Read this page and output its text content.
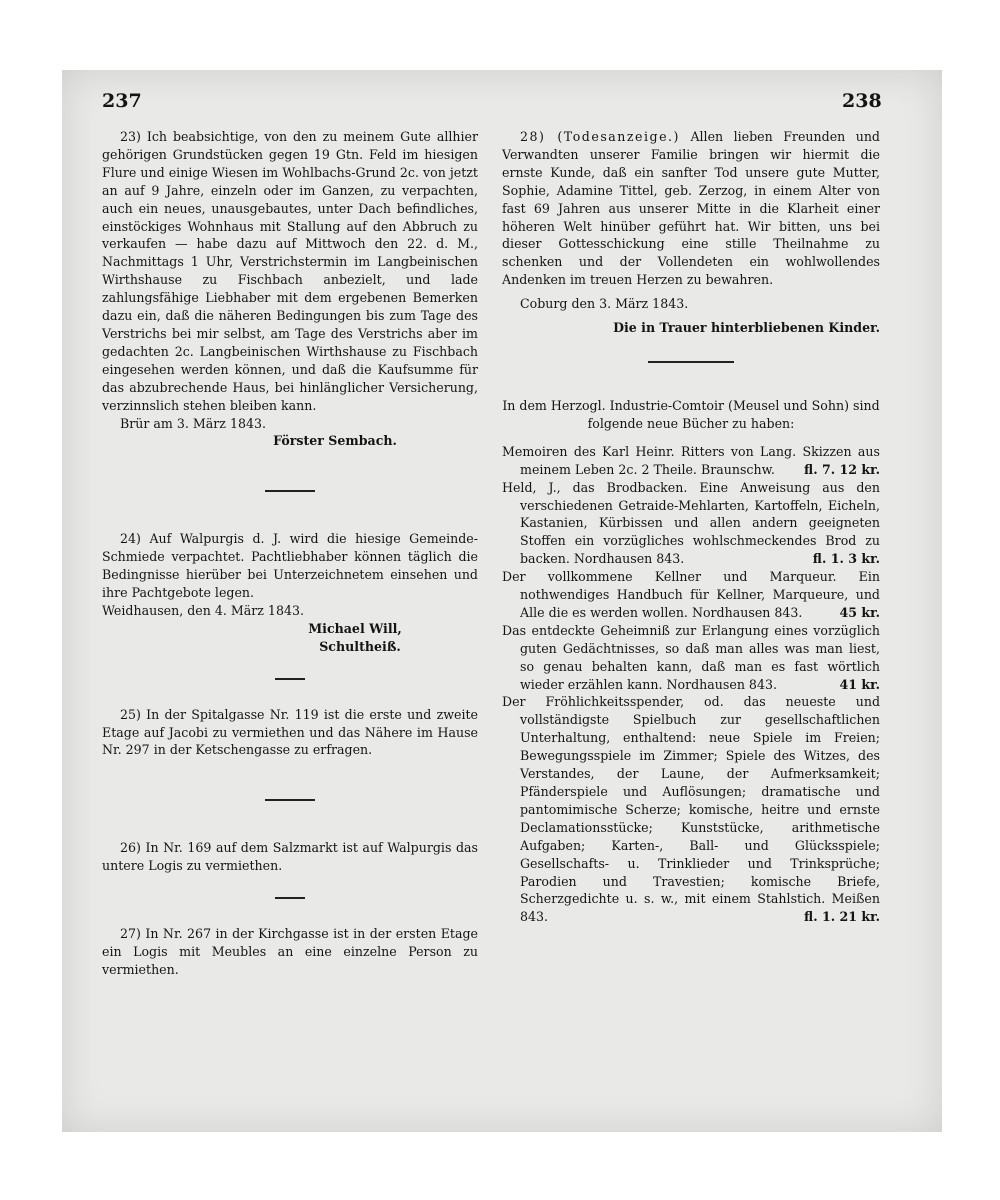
237	238

23) Ich beabsichtige, von den zu meinem Gute allhier gehörigen Grundstücken gegen 19 Gtn. Feld im hiesigen Flure und einige Wiesen im Wohlbachs-Grund 2c. von jetzt an auf 9 Jahre, einzeln oder im Ganzen, zu verpachten, auch ein neues, unausgebautes, unter Dach befindliches, einstöckiges Wohnhaus mit Stallung auf den Abbruch zu verkaufen — habe dazu auf Mittwoch den 22. d. M., Nachmittags 1 Uhr, Verstrichstermin im Langbeinischen Wirthshause zu Fischbach anbezielt, und lade zahlungsfähige Liebhaber mit dem ergebenen Bemerken dazu ein, daß die näheren Bedingungen bis zum Tage des Verstrichs bei mir selbst, am Tage des Verstrichs aber im gedachten 2c. Langbeinischen Wirthshause zu Fischbach eingesehen werden können, und daß die Kaufsumme für das abzubrechende Haus, bei hinlänglicher Versicherung, verzinnslich stehen bleiben kann.

Brür am 3. März 1843.

Förster Sembach.

24) Auf Walpurgis d. J. wird die hiesige Gemeinde-Schmiede verpachtet. Pachtliebhaber können täglich die Bedingnisse hierüber bei Unterzeichnetem einsehen und ihre Pachtgebote legen.

Weidhausen, den 4. März 1843.

Michael Will,

Schultheiß.

25) In der Spitalgasse Nr. 119 ist die erste und zweite Etage auf Jacobi zu vermiethen und das Nähere im Hause Nr. 297 in der Ketschengasse zu erfragen.

26) In Nr. 169 auf dem Salzmarkt ist auf Walpurgis das untere Logis zu vermiethen.

27) In Nr. 267 in der Kirchgasse ist in der ersten Etage ein Logis mit Meubles an eine einzelne Person zu vermiethen.

28) (Todesanzeige.) Allen lieben Freunden und Verwandten unserer Familie bringen wir hiermit die ernste Kunde, daß ein sanfter Tod unsere gute Mutter, Sophie, Adamine Tittel, geb. Zerzog, in einem Alter von fast 69 Jahren aus unserer Mitte in die Klarheit einer höheren Welt hinüber geführt hat. Wir bitten, uns bei dieser Gottesschickung eine stille Theilnahme zu schenken und der Vollendeten ein wohlwollendes Andenken im treuen Herzen zu bewahren.

Coburg den 3. März 1843.

Die in Trauer hinterbliebenen Kinder.

In dem Herzogl. Industrie-Comtoir (Meusel und Sohn) sind folgende neue Bücher zu haben:

Memoiren des Karl Heinr. Ritters von Lang. Skizzen aus meinem Leben 2c. 2 Theile. Braunschw. fl. 7. 12 kr.

Held, J., das Brodbacken. Eine Anweisung aus den verschiedenen Getraide-Mehlarten, Kartoffeln, Eicheln, Kastanien, Kürbissen und allen andern geeigneten Stoffen ein vorzügliches wohlschmeckendes Brod zu backen. Nordhausen 843.	fl. 1. 3 kr.

Der vollkommene Kellner und Marqueur. Ein nothwendiges Handbuch für Kellner, Marqueure, und Alle die es werden wollen. Nordhausen 843.	45 kr.

Das entdeckte Geheimniß zur Erlangung eines vorzüglich guten Gedächtnisses, so daß man alles was man liest, so genau behalten kann, daß man es fast wörtlich wieder erzählen kann. Nordhausen 843.	41 kr.

Der Fröhlichkeitsspender, od. das neueste und vollständigste Spielbuch zur gesellschaftlichen Unterhaltung, enthaltend: neue Spiele im Freien; Bewegungsspiele im Zimmer; Spiele des Witzes, des Verstandes, der Laune, der Aufmerksamkeit; Pfänderspiele und Auflösungen; dramatische und pantomimische Scherze; komische, heitre und ernste Declamationsstücke; Kunststücke, arithmetische Aufgaben; Karten-, Ball- und Glücksspiele; Gesellschafts- u. Trinklieder und Trinksprüche; Parodien und Travestien; komische Briefe, Scherzgedichte u. s. w., mit einem Stahlstich. Meißen 843.	fl. 1. 21 kr.
